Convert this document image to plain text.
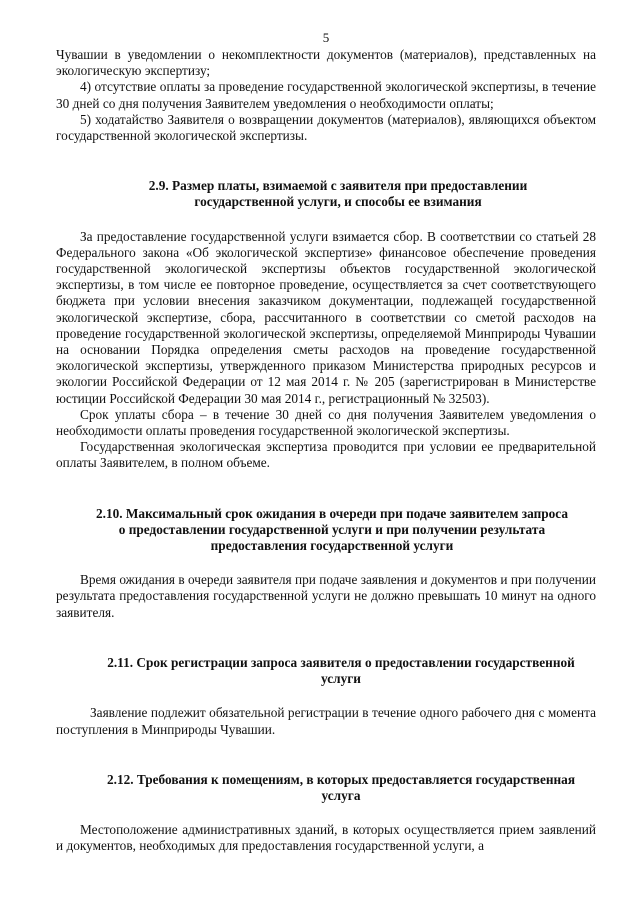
5

Чувашии в уведомлении о некомплектности документов (материалов), представленных на экологическую экспертизу;

4) отсутствие оплаты за проведение государственной экологической экспертизы, в течение 30 дней со дня получения Заявителем уведомления о необходимости оплаты;

5) ходатайство Заявителя о возвращении документов (материалов), являющихся объектом государственной экологической экспертизы.

2.9. Размер платы, взимаемой с заявителя при предоставлении
государственной услуги, и способы ее взимания

За предоставление государственной услуги взимается сбор. В соответствии со статьей 28 Федерального закона «Об экологической экспертизе» финансовое обеспечение проведения государственной экологической экспертизы объектов государственной экологической экспертизы, в том числе ее повторное проведение, осуществляется за счет соответствующего бюджета при условии внесения заказчиком документации, подлежащей государственной экологической экспертизе, сбора, рассчитанного в соответствии со сметой расходов на проведение государственной экологической экспертизы, определяемой Минприроды Чувашии на основании Порядка определения сметы расходов на проведение государственной экологической экспертизы, утвержденного приказом Министерства природных ресурсов и экологии Российской Федерации от 12 мая 2014 г. № 205 (зарегистрирован в Министерстве юстиции Российской Федерации 30 мая 2014 г., регистрационный № 32503).

Срок уплаты сбора – в течение 30 дней со дня получения Заявителем уведомления о необходимости оплаты проведения государственной экологической экспертизы.

Государственная экологическая экспертиза проводится при условии ее предварительной оплаты Заявителем, в полном объеме.

2.10. Максимальный срок ожидания в очереди при подаче заявителем запроса
о предоставлении государственной услуги и при получении результата
предоставления государственной услуги

Время ожидания в очереди заявителя при подаче заявления и документов и при получении результата предоставления государственной услуги не должно превышать 10 минут на одного заявителя.

2.11. Срок регистрации запроса заявителя о предоставлении государственной
услуги

Заявление подлежит обязательной регистрации в течение одного рабочего дня с момента поступления в Минприроды Чувашии.

2.12. Требования к помещениям, в которых предоставляется государственная
услуга

Местоположение административных зданий, в которых осуществляется прием заявлений и документов, необходимых для предоставления государственной услуги, а
